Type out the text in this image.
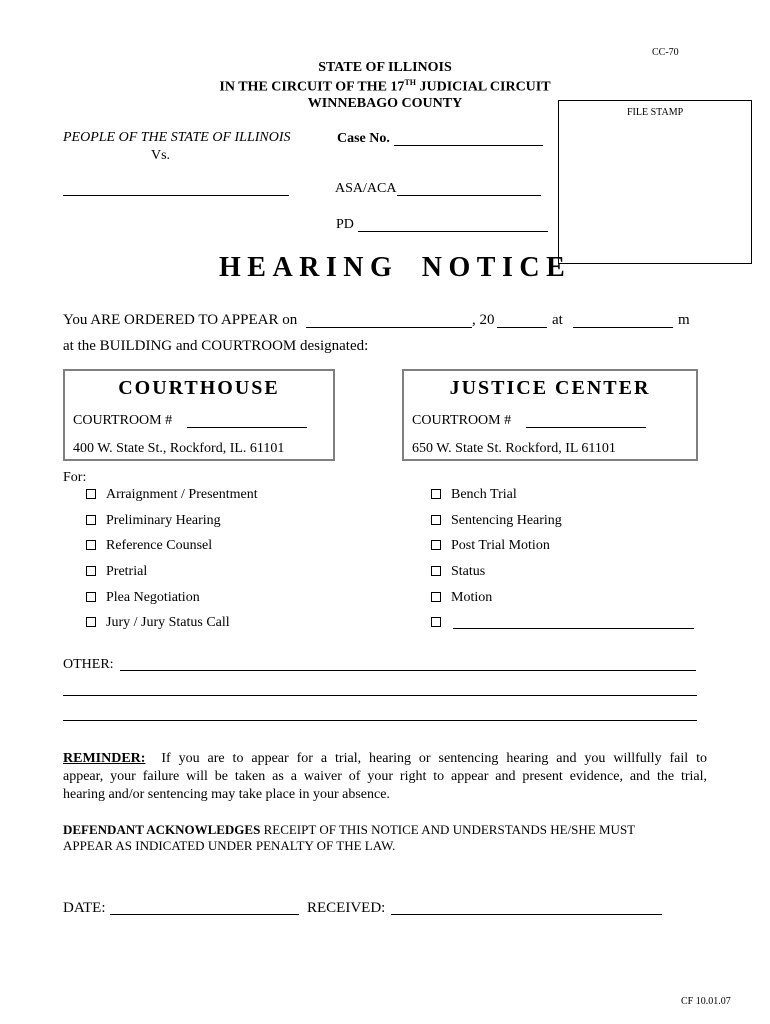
CC-70
STATE OF ILLINOIS
IN THE CIRCUIT OF THE 17TH JUDICIAL CIRCUIT
WINNEBAGO COUNTY
FILE STAMP
PEOPLE OF THE STATE OF ILLINOIS
Vs.
Case No.
ASA/ACA
PD
HEARING NOTICE
You ARE ORDERED TO APPEAR on	, 20	at	m
at the BUILDING and COURTROOM designated:
COURTHOUSE
COURTROOM #
400 W. State St., Rockford, IL. 61101
JUSTICE CENTER
COURTROOM #
650 W. State St. Rockford, IL 61101
For:
Arraignment / Presentment
Preliminary Hearing
Reference Counsel
Pretrial
Plea Negotiation
Jury / Jury Status Call
Bench Trial
Sentencing Hearing
Post Trial Motion
Status
Motion
OTHER:
REMINDER: If you are to appear for a trial, hearing or sentencing hearing and you willfully fail to
appear, your failure will be taken as a waiver of your right to appear and present evidence, and the trial,
hearing and/or sentencing may take place in your absence.
DEFENDANT ACKNOWLEDGES RECEIPT OF THIS NOTICE AND UNDERSTANDS HE/SHE MUST
APPEAR AS INDICATED UNDER PENALTY OF THE LAW.
DATE:	RECEIVED:
CF 10.01.07
